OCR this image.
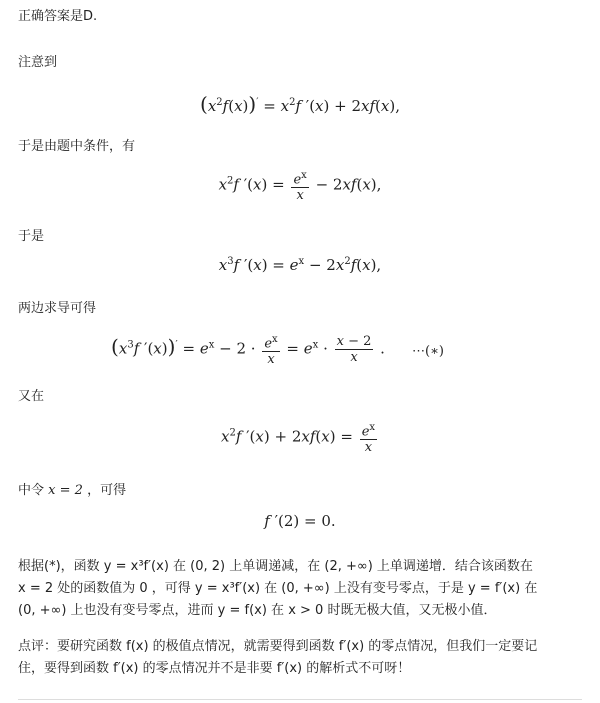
正确答案是D.
注意到
$(x^2f(x))' = x^2f$ ′(x) + 2xf(x),
于是由题中条件，有
$x^2f$ $'(x) = \frac{e^x}{x} - 2xf(x)$,
于是
$x^3f$ $'(x) = e^x - 2x^2f(x)$,
两边求导可得
($x^3f$ $'(x))' = e^x - 2 \cdot \frac{e^x}{x} = e^x \cdot \frac{x - 2}{x}$ .	⋯(∗)
又在
$x^2f$ $'(x) + 2xf(x) = \frac{e^x}{x}$
中令 x = 2 ，可得
f ′(2) = 0.
根据(*)，函数 y = x³f′(x) 在 (0, 2) 上单调递减，在 (2, +∞) 上单调递增．结合该函数在
x = 2 处的函数值为 0 ，可得 y = x³f′(x) 在 (0, +∞) 上没有变号零点，于是 y = f′(x) 在
(0, +∞) 上也没有变号零点，进而 y = f(x) 在 x > 0 时既无极大值，又无极小值．
点评：要研究函数 f(x) 的极值点情况，就需要得到函数 f′(x) 的零点情况，但我们一定要记
住，要得到函数 f′(x) 的零点情况并不是非要 f′(x) 的解析式不可呀！
